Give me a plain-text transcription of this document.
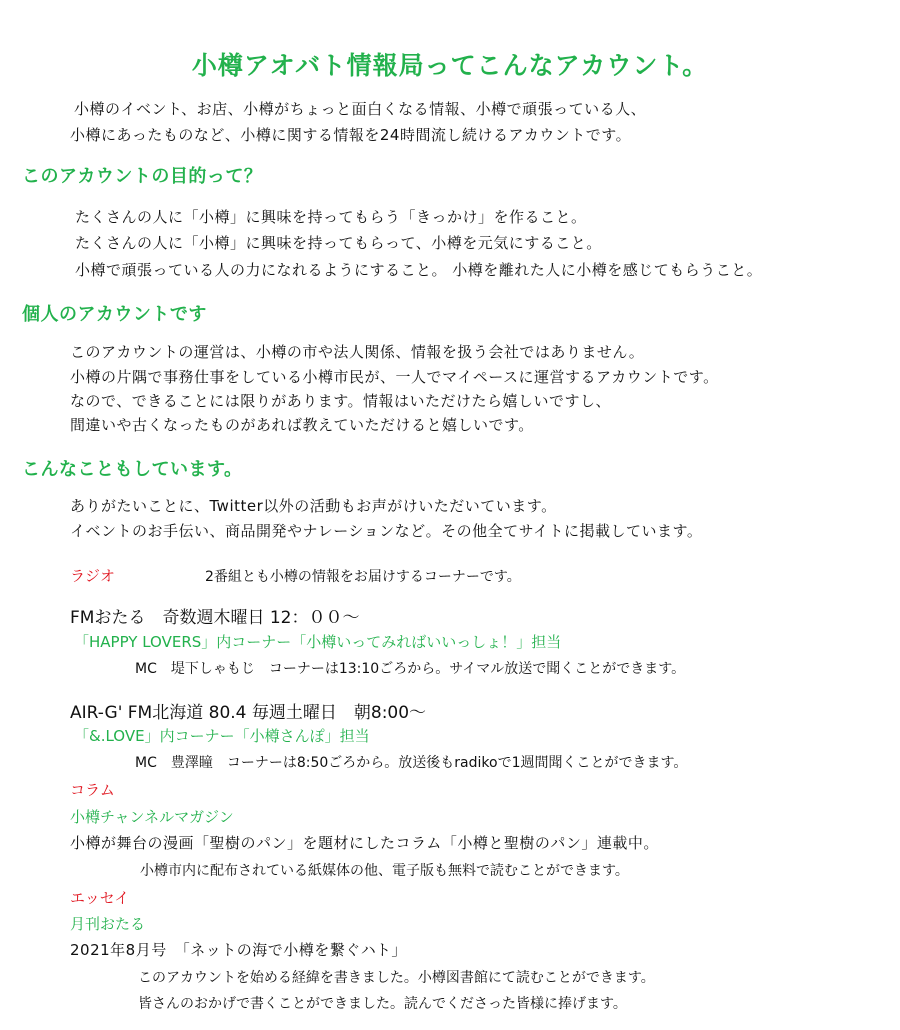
小樽アオバト情報局ってこんなアカウント。
小樽のイベント、お店、小樽がちょっと面白くなる情報、小樽で頑張っている人、
小樽にあったものなど、小樽に関する情報を24時間流し続けるアカウントです。
このアカウントの目的って？
たくさんの人に「小樽」に興味を持ってもらう「きっかけ」を作ること。
たくさんの人に「小樽」に興味を持ってもらって、小樽を元気にすること。
小樽で頑張っている人の力になれるようにすること。 小樽を離れた人に小樽を感じてもらうこと。
個人のアカウントです
このアカウントの運営は、小樽の市や法人関係、情報を扱う会社ではありません。
小樽の片隅で事務仕事をしている小樽市民が、一人でマイペースに運営するアカウントです。
なので、できることには限りがあります。情報はいただけたら嬉しいですし、
間違いや古くなったものがあれば教えていただけると嬉しいです。
こんなこともしています。
ありがたいことに、Twitter以外の活動もお声がけいただいています。
イベントのお手伝い、商品開発やナレーションなど。その他全てサイトに掲載しています。
ラジオ	2番組とも小樽の情報をお届けするコーナーです。
FMおたる　奇数週木曜日 12：００～
「HAPPY LOVERS」内コーナー「小樽いってみればいいっしょ！」担当
MC　堤下しゃもじ　コーナーは13:10ごろから。サイマル放送で聞くことができます。
AIR-G' FM北海道 80.4 毎週土曜日　朝8:00～
「&.LOVE」内コーナー「小樽さんぽ」担当
MC　豊澤瞳　コーナーは8:50ごろから。放送後もradikoで1週間聞くことができます。
コラム
小樽チャンネルマガジン
小樽が舞台の漫画「聖樹のパン」を題材にしたコラム「小樽と聖樹のパン」連載中。
小樽市内に配布されている紙媒体の他、電子版も無料で読むことができます。
エッセイ
月刊おたる
2021年8月号　「ネットの海で小樽を繋ぐハト」
このアカウントを始める経緯を書きました。小樽図書館にて読むことができます。
皆さんのおかげで書くことができました。読んでくださった皆様に捧げます。
